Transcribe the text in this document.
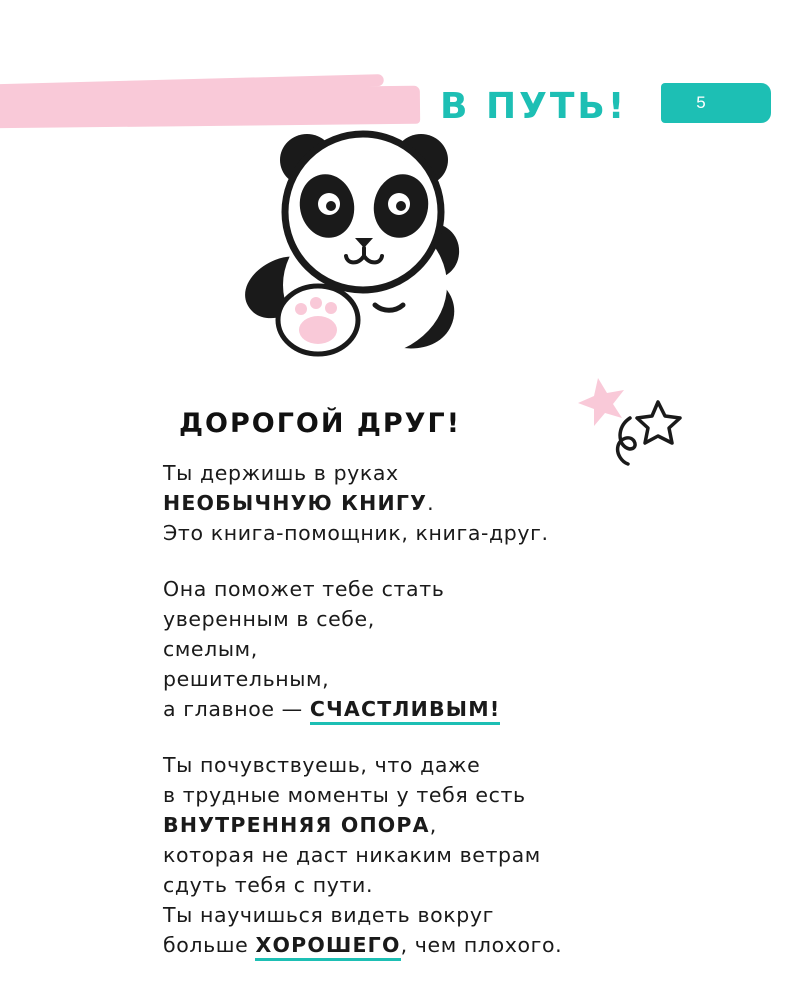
В ПУТЬ!	5
ДОРОГОЙ ДРУГ!
Ты держишь в руках
НЕОБЫЧНУЮ КНИГУ.
Это книга-помощник, книга-друг.
Она поможет тебе стать
уверенным в себе,
смелым,
решительным,
а главное — СЧАСТЛИВЫМ!
Ты почувствуешь, что даже
в трудные моменты у тебя есть
ВНУТРЕННЯЯ ОПОРА,
которая не даст никаким ветрам
сдуть тебя с пути.
Ты научишься видеть вокруг
больше ХОРОШЕГО, чем плохого.
